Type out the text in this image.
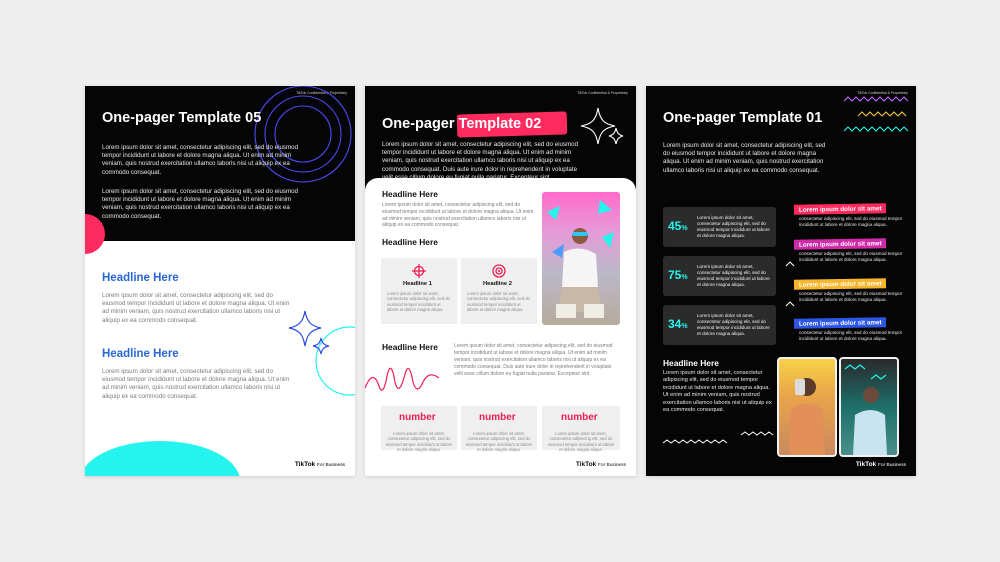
TikTok Confidential & Proprietary
One-pager Template 05
Lorem ipsum dolor sit amet, consectetur adipiscing elit, sed do eiusmod tempor incididunt ut labore et dolore magna aliqua. Ut enim ad minim veniam, quis nostrud exercitation ullamco laboris nisi ut aliquip ex ea commodo consequat.
Lorem ipsum dolor sit amet, consectetur adipiscing elit, sed do eiusmod tempor incididunt ut labore et dolore magna aliqua. Ut enim ad minim veniam, quis nostrud exercitation ullamco laboris nisi ut aliquip ex ea commodo consequat.
Headline Here
Lorem ipsum dolor sit amet, consectetur adipiscing elit, sed do eiusmod tempor incididunt ut labore et dolore magna aliqua. Ut enim ad minim veniam, quis nostrud exercitation ullamco laboris nisi ut aliquip ex ea commodo consequat.
Headline Here
Lorem ipsum dolor sit amet, consectetur adipiscing elit, sed do eiusmod tempor incididunt ut labore et dolore magna aliqua. Ut enim ad minim veniam, quis nostrud exercitation ullamco laboris nisi ut aliquip ex ea commodo consequat.
TikTok For Business
TikTok Confidential & Proprietary
One-pager Template 02
Lorem ipsum dolor sit amet, consectetur adipiscing elit, sed do eiusmod tempor incididunt ut labore et dolore magna aliqua. Ut enim ad minim veniam, quis nostrud exercitation ullamco laboris nisi ut aliquip ex ea commodo consequat. Duis aute irure dolor in reprehenderit in voluptate
Headline Here
Lorem ipsum dolor sit amet, consectetur adipiscing elit, sed do eiusmod tempor incididunt ut labore et dolore magna aliqua. Ut enim ad minim veniam, quis nostrud exercitation ullamco laboris nisi ut aliquip ex ea commodo consequat.
Headline Here
Headline 1
Lorem ipsum dolor sit amet, consectetur adipiscing elit, sed do eiusmod tempor incididunt ut labore et dolore magna aliqua.
Headline 2
Lorem ipsum dolor sit amet, consectetur adipiscing elit, sed do eiusmod tempor incididunt ut labore et dolore magna aliqua.
Headline Here	Lorem ipsum dolor sit amet, consectetur adipiscing elit, sed do eiusmod tempor incididunt ut labore et dolore magna aliqua. Ut enim ad minim veniam, quis nostrud exercitation ullamco laboris nisi ut aliquip ex ea commodo consequat. Duis aute irure dolor in reprehenderit in voluptate velit esse cillum dolore eu fugiat nulla pariatur. Excepteur sint.
number
Lorem ipsum dolor sit amet, consectetur adipiscing elit, sed do eiusmod tempor incididunt ut labore et dolore magna aliqua.
number
Lorem ipsum dolor sit amet, consectetur adipiscing elit, sed do eiusmod tempor incididunt ut labore et dolore magna aliqua.
number
Lorem ipsum dolor sit amet, consectetur adipiscing elit, sed do eiusmod tempor incididunt ut labore et dolore magna aliqua.
TikTok For Business
TikTok Confidential & Proprietary
One-pager Template 01
Lorem ipsum dolor sit amet, consectetur adipiscing elit, sed do eiusmod tempor incididunt ut labore et dolore magna aliqua. Ut enim ad minim veniam, quis nostrud exercitation ullamco laboris nisi ut aliquip ex ea commodo consequat.
45%
Lorem ipsum dolor sit amet, consectetur adipiscing elit, sed do eiusmod tempor incididunt ut labore et dolore magna aliqua.
75%
Lorem ipsum dolor sit amet, consectetur adipiscing elit, sed do eiusmod tempor incididunt ut labore et dolore magna aliqua.
34%
Lorem ipsum dolor sit amet, consectetur adipiscing elit, sed do eiusmod tempor incididunt ut labore et dolore magna aliqua.
Lorem ipsum dolor sit amet
consectetur adipiscing elit, sed do eiusmod tempor incididunt ut labore et dolore magna aliqua.
Lorem ipsum dolor sit amet
consectetur adipiscing elit, sed do eiusmod tempor incididunt ut labore et dolore magna aliqua.
Lorem ipsum dolor sit amet
consectetur adipiscing elit, sed do eiusmod tempor incididunt ut labore et dolore magna aliqua.
Lorem ipsum dolor sit amet
consectetur adipiscing elit, sed do eiusmod tempor incididunt ut labore et dolore magna aliqua.
Headline Here
Lorem ipsum dolor sit amet, consectetur adipiscing elit, sed do eiusmod tempor incididunt ut labore et dolore magna aliqua. Ut enim ad minim veniam, quis nostrud exercitation ullamco laboris nisi ut aliquip ex ea commodo consequat.
TikTok For Business
